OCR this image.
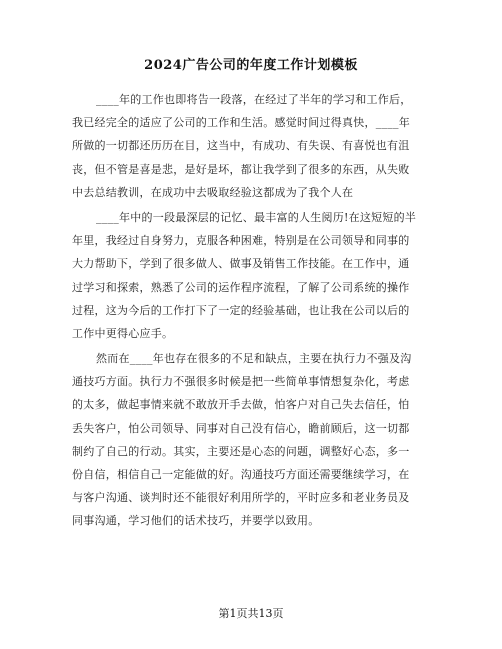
2024广告公司的年度工作计划模板
____年的工作也即将告一段落，在经过了半年的学习和工作后，
我已经完全的适应了公司的工作和生活。感觉时间过得真快，____年
所做的一切都还历历在目，这当中，有成功、有失误、有喜悦也有沮
丧，但不管是喜是悲，是好是坏，都让我学到了很多的东西，从失败
中去总结教训，在成功中去吸取经验这都成为了我个人在
____年中的一段最深层的记忆、最丰富的人生阅历!在这短短的半
年里，我经过自身努力，克服各种困难，特别是在公司领导和同事的
大力帮助下，学到了很多做人、做事及销售工作技能。在工作中，通
过学习和探索，熟悉了公司的运作程序流程，了解了公司系统的操作
过程，这为今后的工作打下了一定的经验基础，也让我在公司以后的
工作中更得心应手。
然而在____年也存在很多的不足和缺点，主要在执行力不强及沟
通技巧方面。执行力不强很多时候是把一些简单事情想复杂化，考虑
的太多，做起事情来就不敢放开手去做，怕客户对自己失去信任，怕
丢失客户，怕公司领导、同事对自己没有信心，瞻前顾后，这一切都
制约了自己的行动。其实，主要还是心态的问题，调整好心态，多一
份自信，相信自己一定能做的好。沟通技巧方面还需要继续学习，在
与客户沟通、谈判时还不能很好利用所学的，平时应多和老业务员及
同事沟通，学习他们的话术技巧，并要学以致用。
第1页共13页
